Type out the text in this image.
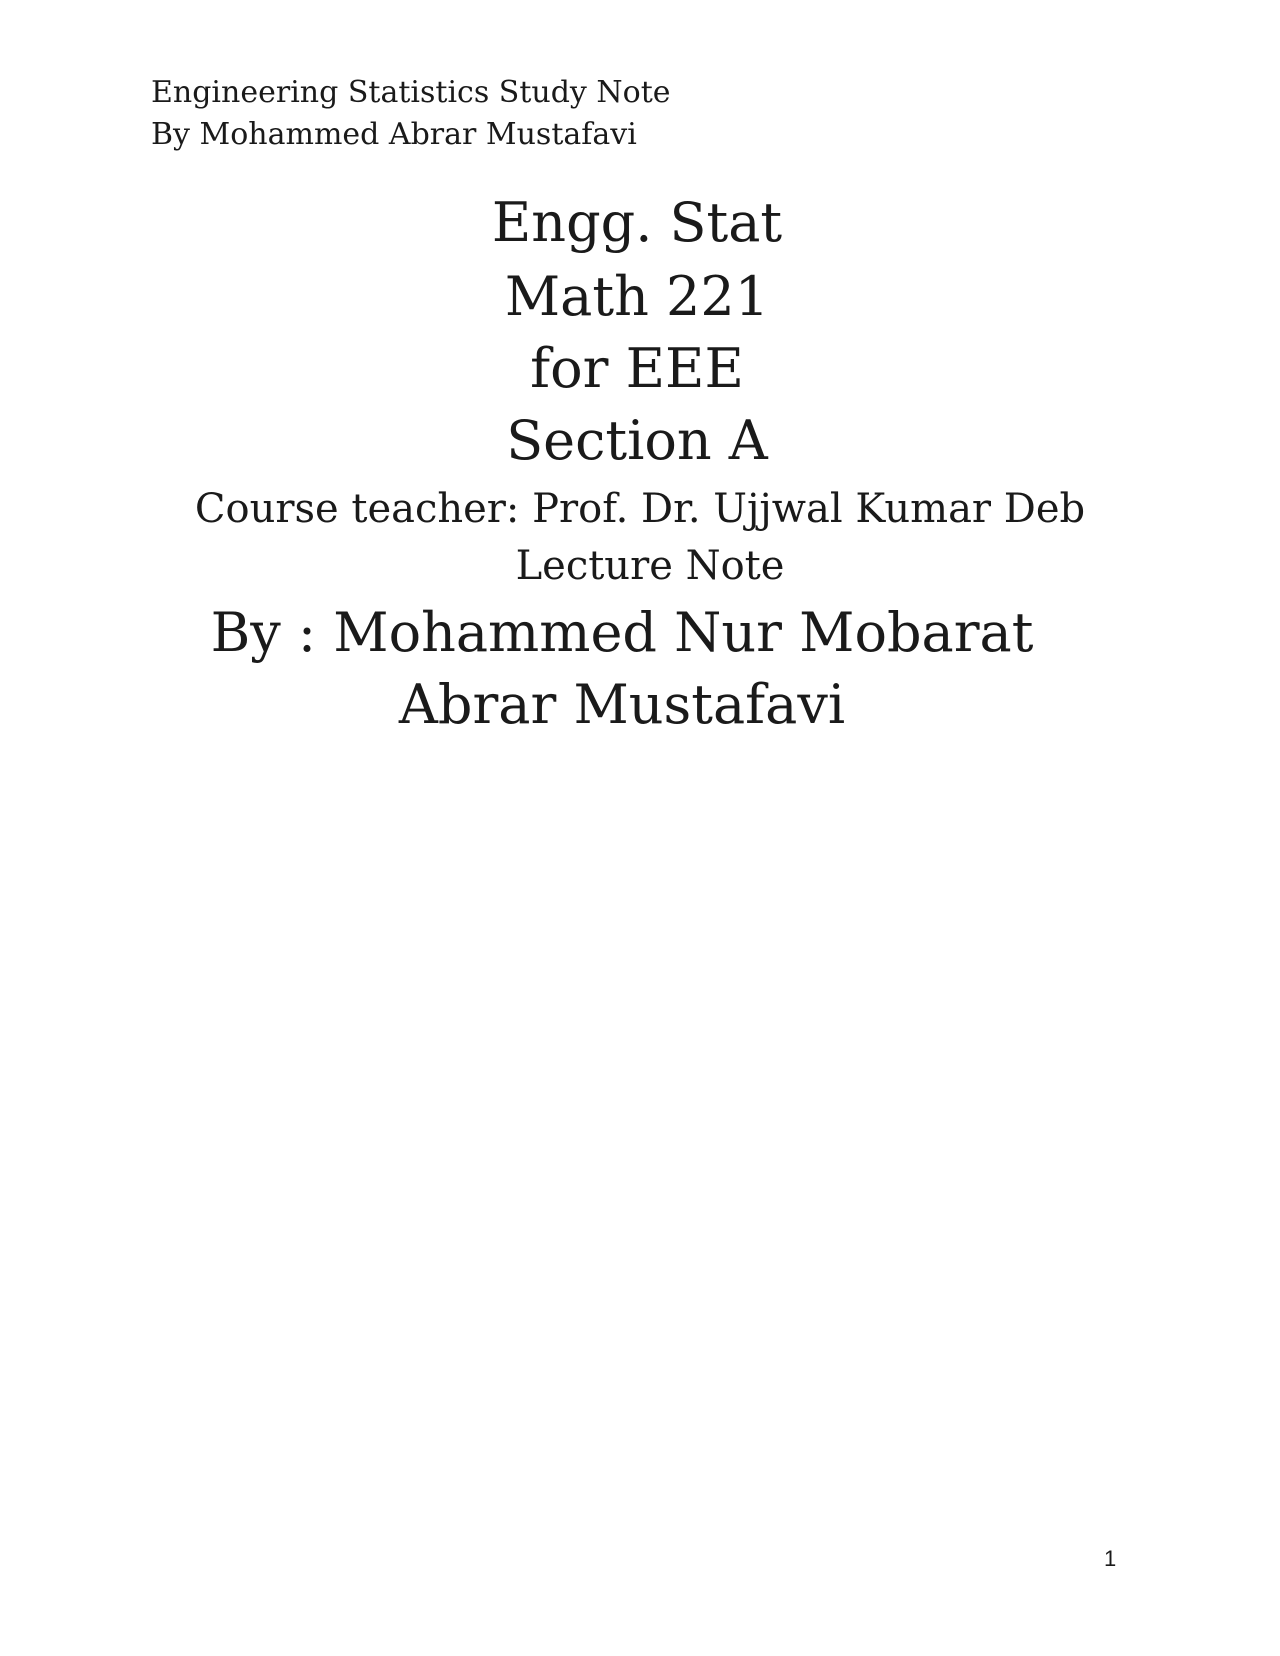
Engineering Statistics Study Note
By Mohammed Abrar Mustafavi
Engg. Stat
Math 221
for EEE
Section A
Course teacher: Prof. Dr. Ujjwal Kumar Deb
Lecture Note
By : Mohammed Nur Mobarat Abrar Mustafavi
1
